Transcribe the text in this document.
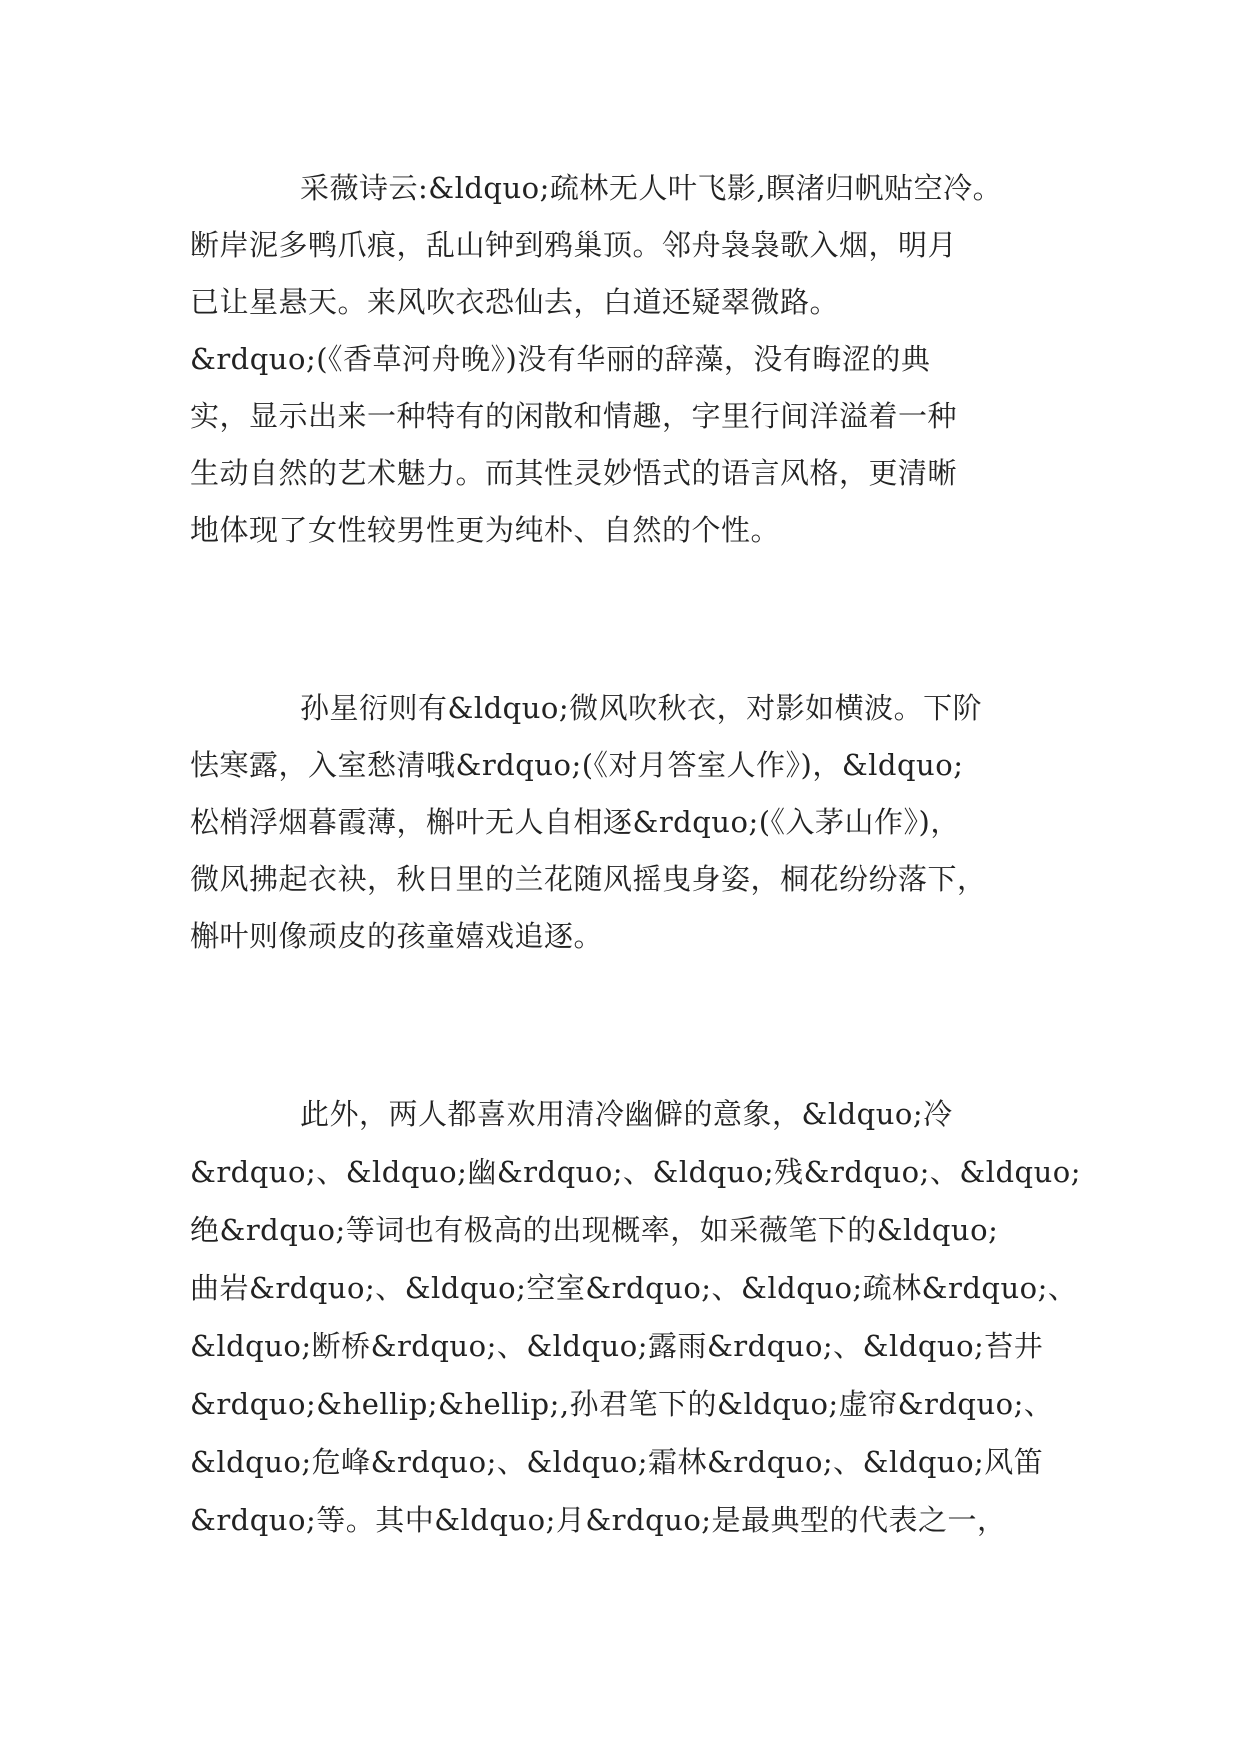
采薇诗云:&ldquo;疏林无人叶飞影,瞑渚归帆贴空冷。
断岸泥多鸭爪痕，乱山钟到鸦巢顶。邻舟袅袅歌入烟，明月
已让星悬天。来风吹衣恐仙去，白道还疑翠微路。
&rdquo;(《香草河舟晚》)没有华丽的辞藻，没有晦涩的典
实，显示出来一种特有的闲散和情趣，字里行间洋溢着一种
生动自然的艺术魅力。而其性灵妙悟式的语言风格，更清晰
地体现了女性较男性更为纯朴、自然的个性。
孙星衍则有&ldquo;微风吹秋衣，对影如横波。下阶
怯寒露，入室愁清哦&rdquo;(《对月答室人作》)，&ldquo;
松梢浮烟暮霞薄，槲叶无人自相逐&rdquo;(《入茅山作》)，
微风拂起衣袂，秋日里的兰花随风摇曳身姿，桐花纷纷落下，
槲叶则像顽皮的孩童嬉戏追逐。
此外，两人都喜欢用清冷幽僻的意象，&ldquo;冷
&rdquo;、&ldquo;幽&rdquo;、&ldquo;残&rdquo;、&ldquo;
绝&rdquo;等词也有极高的出现概率，如采薇笔下的&ldquo;
曲岩&rdquo;、&ldquo;空室&rdquo;、&ldquo;疏林&rdquo;、
&ldquo;断桥&rdquo;、&ldquo;露雨&rdquo;、&ldquo;苔井
&rdquo;&hellip;&hellip;,孙君笔下的&ldquo;虚帘&rdquo;、
&ldquo;危峰&rdquo;、&ldquo;霜林&rdquo;、&ldquo;风笛
&rdquo;等。其中&ldquo;月&rdquo;是最典型的代表之一，
